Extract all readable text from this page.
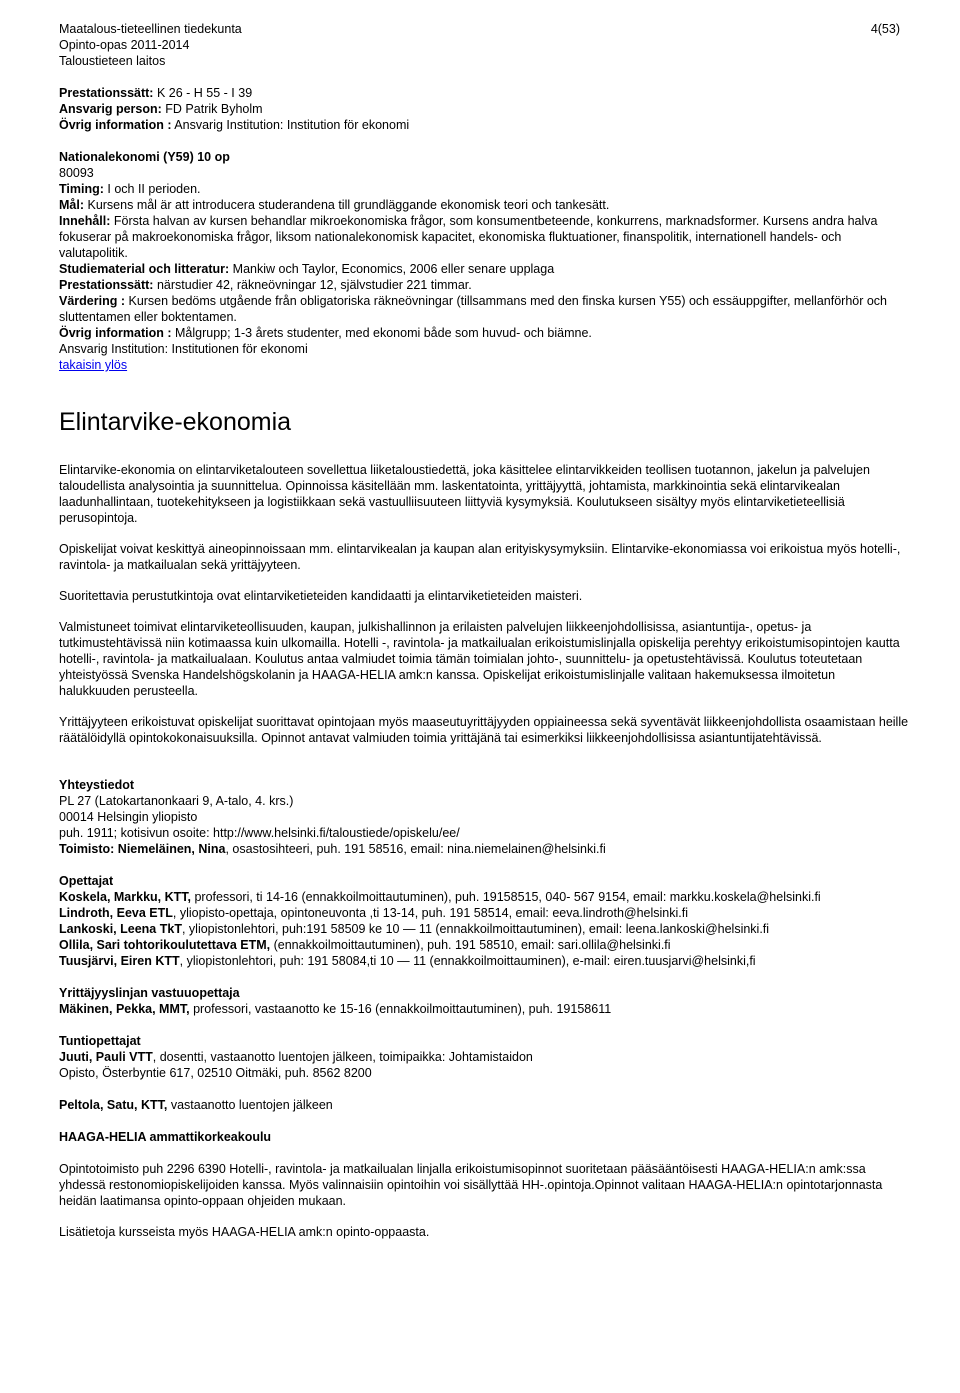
Maatalous-tieteellinen tiedekunta
Opinto-opas 2011-2014
Taloustieteen laitos
4(53)
Prestationssätt: K 26 - H 55 - I 39
Ansvarig person: FD Patrik Byholm
Övrig information : Ansvarig Institution: Institution för ekonomi
Nationalekonomi (Y59) 10 op
80093
Timing: I och II perioden.
Mål: Kursens mål är att introducera studerandena till grundläggande ekonomisk teori och tankesätt.
Innehåll: Första halvan av kursen behandlar mikroekonomiska frågor, som konsumentbeteende, konkurrens, marknadsformer. Kursens andra halva fokuserar på makroekonomiska frågor, liksom nationalekonomisk kapacitet, ekonomiska fluktuationer, finanspolitik, internationell handels- och valutapolitik.
Studiematerial och litteratur: Mankiw och Taylor, Economics, 2006 eller senare upplaga
Prestationssätt: närstudier 42, räkneövningar 12, självstudier 221 timmar.
Värdering : Kursen bedöms utgående från obligatoriska räkneövningar (tillsammans med den finska kursen Y55) och essäuppgifter, mellanförhör och sluttentamen eller boktentamen.
Övrig information : Målgrupp; 1-3 årets studenter, med ekonomi både som huvud- och biämne.
Ansvarig Institution: Institutionen för ekonomi
takaisin ylös
Elintarvike-ekonomia

Elintarvike-ekonomia on elintarviketalouteen sovellettua liiketaloustiedettä, joka käsittelee elintarvikkeiden teollisen tuotannon, jakelun ja palvelujen taloudellista analysointia ja suunnittelua. Opinnoissa käsitellään mm. laskentatointa, yrittäjyyttä, johtamista, markkinointia sekä elintarvikealan laadunhallintaan, tuotekehitykseen ja logistiikkaan sekä vastuulliisuuteen liittyviä kysymyksiä. Koulutukseen sisältyy myös elintarviketieteellisiä perusopintoja.

Opiskelijat voivat keskittyä aineopinnoissaan mm. elintarvikealan ja kaupan alan erityiskysymyksiin. Elintarvike-ekonomiassa voi erikoistua myös hotelli-, ravintola- ja matkailualan sekä yrittäjyyteen.

Suoritettavia perustutkintoja ovat elintarviketieteiden kandidaatti ja elintarviketieteiden maisteri.

Valmistuneet toimivat elintarviketeollisuuden, kaupan, julkishallinnon ja erilaisten palvelujen liikkeenjohdollisissa, asiantuntija-, opetus- ja tutkimustehtävissä niin kotimaassa kuin ulkomailla. Hotelli -, ravintola- ja matkailualan erikoistumislinjalla opiskelija perehtyy erikoistumisopintojen kautta hotelli-, ravintola- ja matkailualaan. Koulutus antaa valmiudet toimia tämän toimialan johto-, suunnittelu- ja opetustehtävissä. Koulutus toteutetaan yhteistyössä Svenska Handelshögskolanin ja HAAGA-HELIA amk:n kanssa. Opiskelijat erikoistumislinjalle valitaan hakemuksessa ilmoitetun halukkuuden perusteella.

Yrittäjyyteen erikoistuvat opiskelijat suorittavat opintojaan myös maaseutuyrittäjyyden oppiaineessa sekä syventävät liikkeenjohdollista osaamistaan heille räätälöidyllä opintokokonaisuuksilla. Opinnot antavat valmiuden toimia yrittäjänä tai esimerkiksi liikkeenjohdollisissa asiantuntijatehtävissä.

Yhteystiedot
PL 27 (Latokartanonkaari 9, A-talo, 4. krs.)
00014 Helsingin yliopisto
puh. 1911; kotisivun osoite: http://www.helsinki.fi/taloustiede/opiskelu/ee/
Toimisto: Niemeläinen, Nina, osastosihteeri, puh. 191 58516, email: nina.niemelainen@helsinki.fi
Opettajat
Koskela, Markku, KTT, professori, ti 14-16 (ennakkoilmoittautuminen), puh. 19158515, 040- 567 9154, email: markku.koskela@helsinki.fi
Lindroth, Eeva ETL, yliopisto-opettaja, opintoneuvonta ,ti 13-14, puh. 191 58514, email: eeva.lindroth@helsinki.fi
Lankoski, Leena TkT, yliopistonlehtori, puh:191 58509 ke 10 — 11 (ennakkoilmoittautuminen), email: leena.lankoski@helsinki.fi
Ollila, Sari tohtorikoulutettava ETM, (ennakkoilmoittautuminen), puh. 191 58510, email: sari.ollila@helsinki.fi
Tuusjärvi, Eiren KTT, yliopistonlehtori, puh: 191 58084,ti 10 — 11 (ennakkoilmoittauminen), e-mail: eiren.tuusjarvi@helsinki,fi
Yrittäjyyslinjan vastuuopettaja
Mäkinen, Pekka, MMT, professori, vastaanotto ke 15-16 (ennakkoilmoittautuminen), puh. 19158611
Tuntiopettajat
Juuti, Pauli VTT, dosentti, vastaanotto luentojen jälkeen, toimipaikka: Johtamistaidon
Opisto, Österbyntie 617, 02510 Oitmäki, puh. 8562 8200
Peltola, Satu, KTT, vastaanotto luentojen jälkeen
HAAGA-HELIA ammattikorkeakoulu

Opintotoimisto puh 2296 6390 Hotelli-, ravintola- ja matkailualan linjalla erikoistumisopinnot suoritetaan pääsääntöisesti HAAGA-HELIA:n amk:ssa yhdessä restonomiopiskelijoiden kanssa. Myös valinnaisiin opintoihin voi sisällyttää HH-.opintoja.Opinnot valitaan HAAGA-HELIA:n opintotarjonnasta heidän laatimansa opinto-oppaan ohjeiden mukaan.

Lisätietoja kursseista myös HAAGA-HELIA amk:n opinto-oppaasta.
